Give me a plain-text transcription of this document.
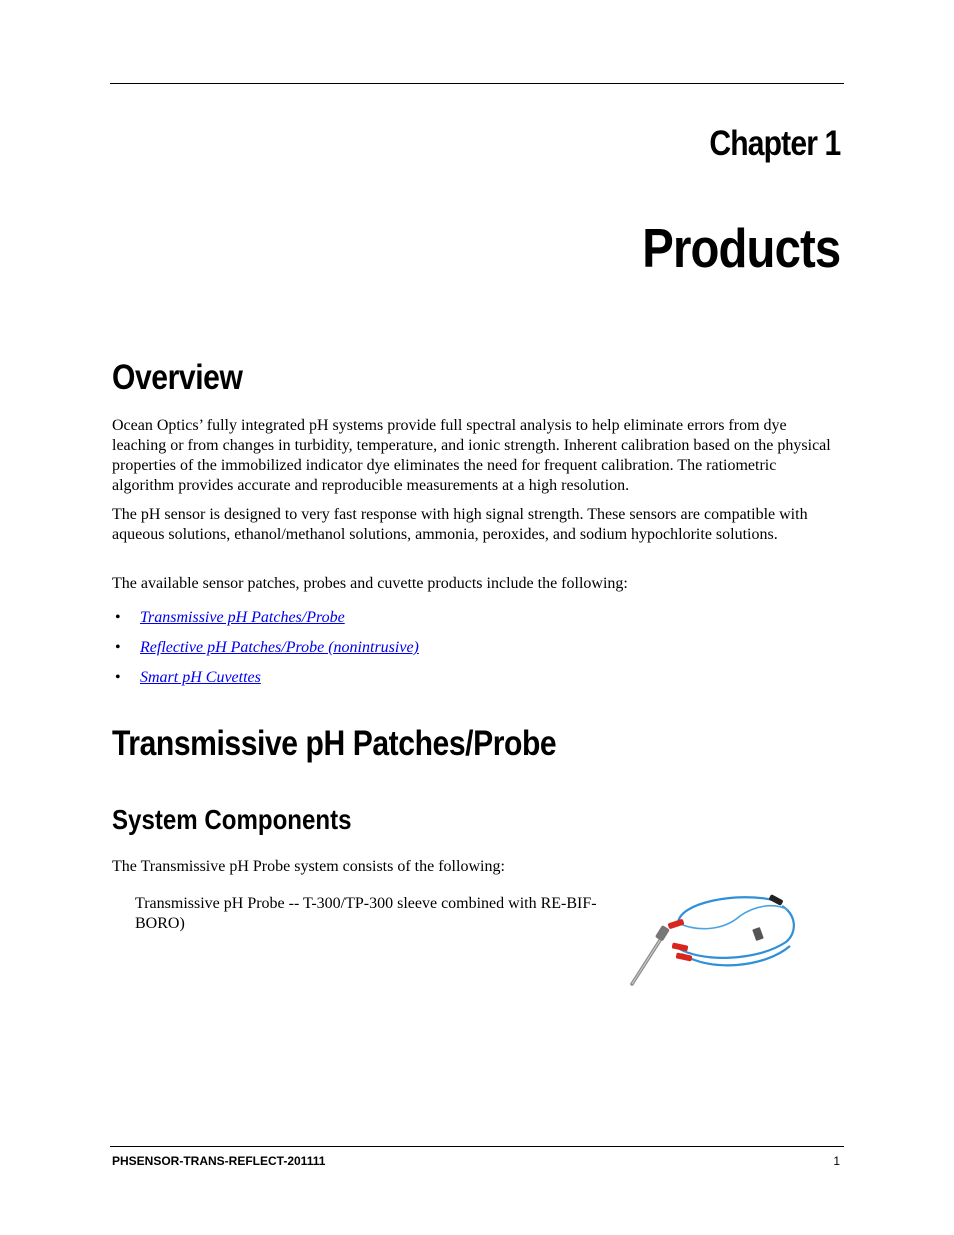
Chapter 1
Products
Overview

Ocean Optics’ fully integrated pH systems provide full spectral analysis to help eliminate errors from dye leaching or from changes in turbidity, temperature, and ionic strength. Inherent calibration based on the physical properties of the immobilized indicator dye eliminates the need for frequent calibration. The ratiometric algorithm provides accurate and reproducible measurements at a high resolution.

The pH sensor is designed to very fast response with high signal strength. These sensors are compatible with aqueous solutions, ethanol/methanol solutions, ammonia, peroxides, and sodium hypochlorite solutions.

The available sensor patches, probes and cuvette products include the following:

• Transmissive pH Patches/Probe
• Reflective pH Patches/Probe (nonintrusive)
• Smart pH Cuvettes
Transmissive pH Patches/Probe
System Components

The Transmissive pH Probe system consists of the following:

Transmissive pH Probe -- T-300/TP-300 sleeve combined with RE-BIF-BORO)

PHSENSOR-TRANS-REFLECT-201111	1
